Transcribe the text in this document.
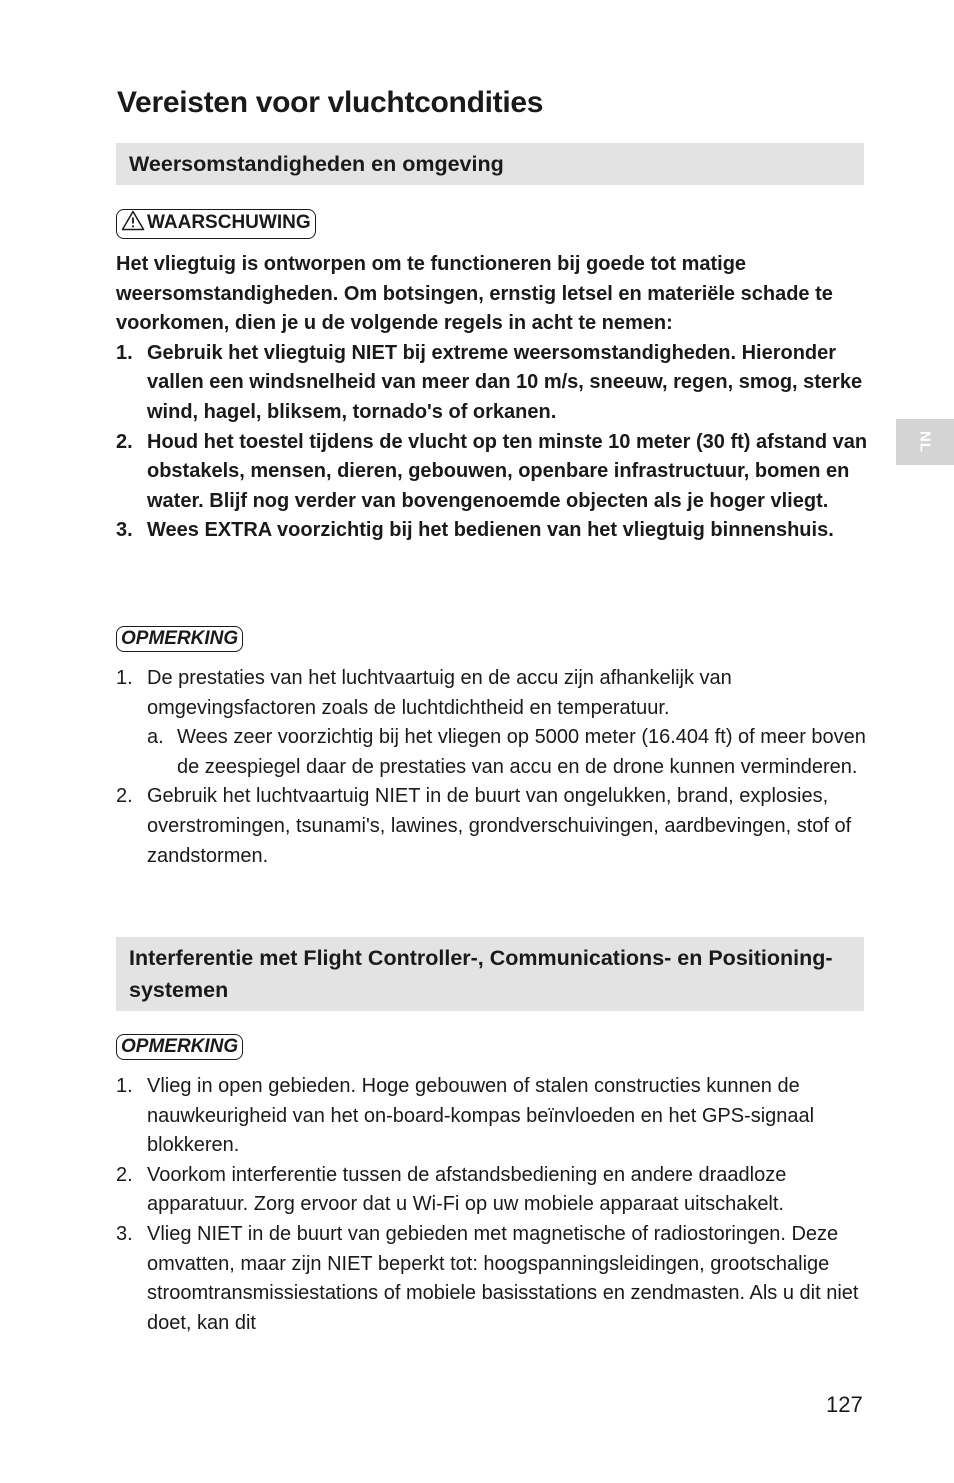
Vereisten voor vluchtcondities
Weersomstandigheden en omgeving
WAARSCHUWING

Het vliegtuig is ontworpen om te functioneren bij goede tot matige weersomstandigheden. Om botsingen, ernstig letsel en materiële schade te voorkomen, dien je u de volgende regels in acht te nemen:

1. Gebruik het vliegtuig NIET bij extreme weersomstandigheden. Hieronder vallen een windsnelheid van meer dan 10 m/s, sneeuw, regen, smog, sterke wind, hagel, bliksem, tornado's of orkanen.
2. Houd het toestel tijdens de vlucht op ten minste 10 meter (30 ft) afstand van obstakels, mensen, dieren, gebouwen, openbare infrastructuur, bomen en water. Blijf nog verder van bovengenoemde objecten als je hoger vliegt.
3. Wees EXTRA voorzichtig bij het bedienen van het vliegtuig binnenshuis.
OPMERKING
1. De prestaties van het luchtvaartuig en de accu zijn afhankelijk van omgevingsfactoren zoals de luchtdichtheid en temperatuur.
a. Wees zeer voorzichtig bij het vliegen op 5000 meter (16.404 ft) of meer boven de zeespiegel daar de prestaties van accu en de drone kunnen verminderen.
2. Gebruik het luchtvaartuig NIET in de buurt van ongelukken, brand, explosies, overstromingen, tsunami's, lawines, grondverschuivingen, aardbevingen, stof of zandstormen.
Interferentie met Flight Controller-, Communications- en Positioning-systemen
OPMERKING
1. Vlieg in open gebieden. Hoge gebouwen of stalen constructies kunnen de nauwkeurigheid van het on-board-kompas beïnvloeden en het GPS-signaal blokkeren.
2. Voorkom interferentie tussen de afstandsbediening en andere draadloze apparatuur. Zorg ervoor dat u Wi-Fi op uw mobiele apparaat uitschakelt.
3. Vlieg NIET in de buurt van gebieden met magnetische of radiostoringen. Deze omvatten, maar zijn NIET beperkt tot: hoogspanningsleidingen, grootschalige stroomtransmissiestations of mobiele basisstations en zendmasten. Als u dit niet doet, kan dit
NL
127
